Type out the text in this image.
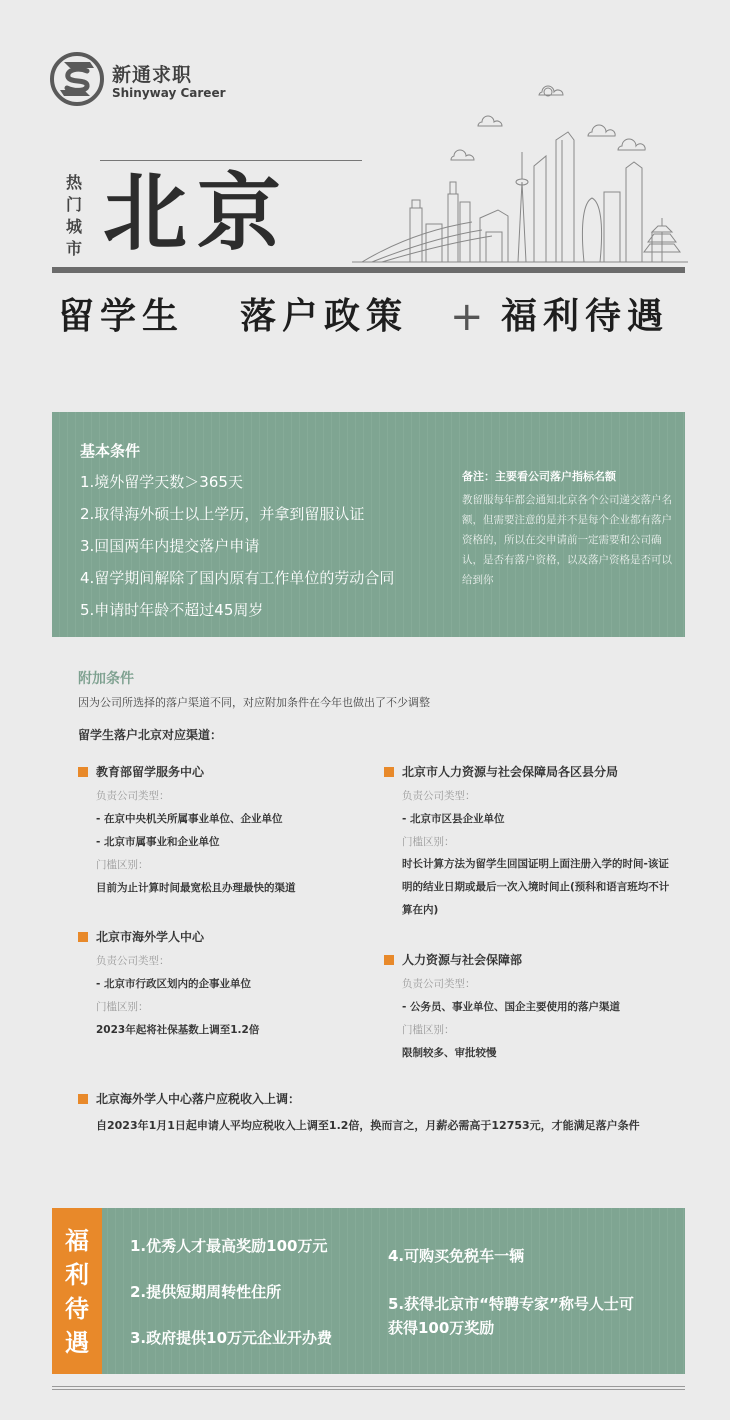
新通求职
Shinyway Career
热
门
城
市 北京
留学生 落户政策 + 福利待遇
基本条件
1.境外留学天数＞365天
2.取得海外硕士以上学历，并拿到留服认证
3.回国两年内提交落户申请
4.留学期间解除了国内原有工作单位的劳动合同
5.申请时年龄不超过45周岁
备注：主要看公司落户指标名额
教留服每年都会通知北京各个公司递交落户名额，但需要注意的是并不是每个企业都有落户资格的，所以在交申请前一定需要和公司确认，是否有落户资格，以及落户资格是否可以给到你
附加条件
因为公司所选择的落户渠道不同，对应附加条件在今年也做出了不少调整
留学生落户北京对应渠道：
教育部留学服务中心
负责公司类型：
- 在京中央机关所属事业单位、企业单位
- 北京市属事业和企业单位
门槛区别：
目前为止计算时间最宽松且办理最快的渠道
北京市海外学人中心
负责公司类型：
- 北京市行政区划内的企事业单位
门槛区别：
2023年起将社保基数上调至1.2倍
北京市人力资源与社会保障局各区县分局
负责公司类型：
- 北京市区县企业单位
门槛区别：
时长计算方法为留学生回国证明上面注册入学的时间-该证明的结业日期或最后一次入境时间止(预科和语言班均不计算在内)
人力资源与社会保障部
负责公司类型：
- 公务员、事业单位、国企主要使用的落户渠道
门槛区别：
限制较多、审批较慢
北京海外学人中心落户应税收入上调：
自2023年1月1日起申请人平均应税收入上调至1.2倍，换而言之，月薪必需高于12753元，才能满足落户条件
福
利
待
遇
1.优秀人才最高奖励100万元
2.提供短期周转性住所
3.政府提供10万元企业开办费
4.可购买免税车一辆
5.获得北京市“特聘专家”称号人士可
获得100万奖励
